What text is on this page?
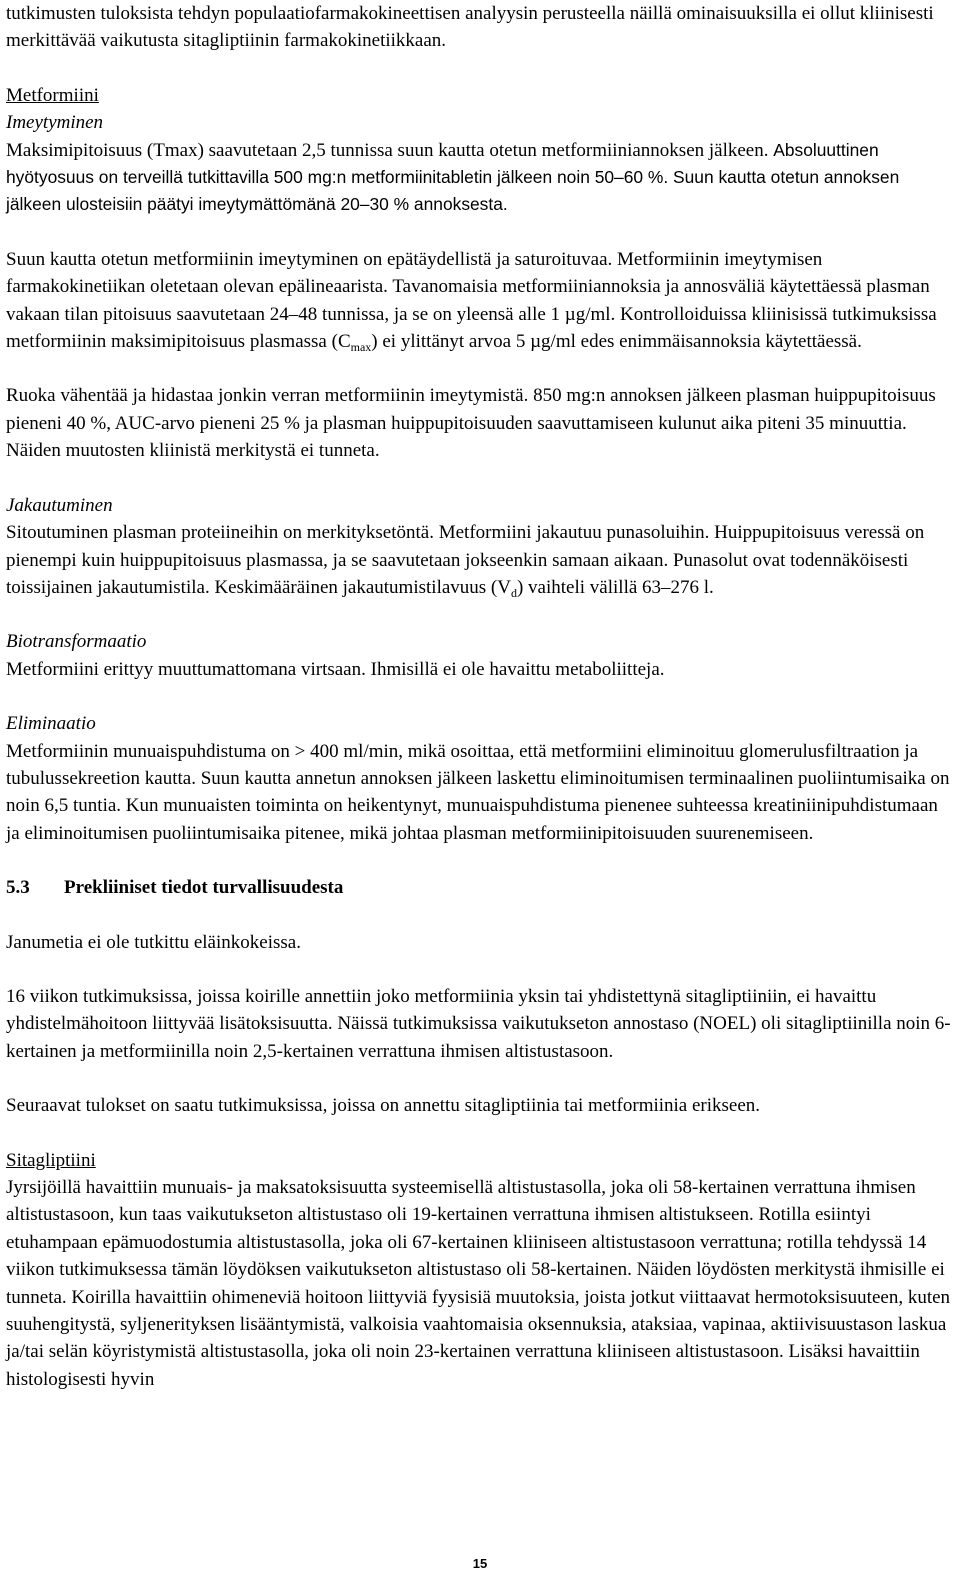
tutkimusten tuloksista tehdyn populaatiofarmakokineettisen analyysin perusteella näillä ominaisuuksilla ei ollut kliinisesti merkittävää vaikutusta sitagliptiinin farmakokinetiikkaan.

Metformiini
Imeytyminen
Maksimipitoisuus (Tmax) saavutetaan 2,5 tunnissa suun kautta otetun metformiiniannoksen jälkeen. Absoluuttinen hyötyosuus on terveillä tutkittavilla 500 mg:n metformiinitabletin jälkeen noin 50–60 %. Suun kautta otetun annoksen jälkeen ulosteisiin päätyi imeytymättömänä 20–30 % annoksesta.

Suun kautta otetun metformiinin imeytyminen on epätäydellistä ja saturoituvaa. Metformiinin imeytymisen farmakokinetiikan oletetaan olevan epälineaarista. Tavanomaisia metformiiniannoksia ja annosväliä käytettäessä plasman vakaan tilan pitoisuus saavutetaan 24–48 tunnissa, ja se on yleensä alle 1 µg/ml. Kontrolloiduissa kliinisissä tutkimuksissa metformiinin maksimipitoisuus plasmassa $(C_{max})$ ei ylittänyt arvoa 5 µg/ml edes enimmäisannoksia käytettäessä.

Ruoka vähentää ja hidastaa jonkin verran metformiinin imeytymistä. 850 mg:n annoksen jälkeen plasman huippupitoisuus pieneni 40 %, AUC-arvo pieneni 25 % ja plasman huippupitoisuuden saavuttamiseen kulunut aika piteni 35 minuuttia. Näiden muutosten kliinistä merkitystä ei tunneta.

Jakautuminen
Sitoutuminen plasman proteiineihin on merkityksetöntä. Metformiini jakautuu punasoluihin. Huippupitoisuus veressä on pienempi kuin huippupitoisuus plasmassa, ja se saavutetaan jokseenkin samaan aikaan. Punasolut ovat todennäköisesti toissijainen jakautumistila. Keskimääräinen jakautumistilavuus $(V_d)$ vaihteli välillä 63–276 l.

Biotransformaatio
Metformiini erittyy muuttumattomana virtsaan. Ihmisillä ei ole havaittu metaboliitteja.

Eliminaatio
Metformiinin munuaispuhdistuma on > 400 ml/min, mikä osoittaa, että metformiini eliminoituu glomerulusfiltraation ja tubulussekreetion kautta. Suun kautta annetun annoksen jälkeen laskettu eliminoitumisen terminaalinen puoliintumisaika on noin 6,5 tuntia. Kun munuaisten toiminta on heikentynyt, munuaispuhdistuma pienenee suhteessa kreatiniinipuhdistumaan ja eliminoitumisen puoliintumisaika pitenee, mikä johtaa plasman metformiinipitoisuuden suurenemiseen.

5.3 Prekliiniset tiedot turvallisuudesta

Janumetia ei ole tutkittu eläinkokeissa.

16 viikon tutkimuksissa, joissa koirille annettiin joko metformiinia yksin tai yhdistettynä sitagliptiiniin, ei havaittu yhdistelmähoitoon liittyvää lisätoksisuutta. Näissä tutkimuksissa vaikutukseton annostaso (NOEL) oli sitagliptiinilla noin 6-kertainen ja metformiinilla noin 2,5-kertainen verrattuna ihmisen altistustasoon.

Seuraavat tulokset on saatu tutkimuksissa, joissa on annettu sitagliptiinia tai metformiinia erikseen.

Sitagliptiini
Jyrsijöillä havaittiin munuais- ja maksatoksisuutta systeemisellä altistustasolla, joka oli 58-kertainen verrattuna ihmisen altistustasoon, kun taas vaikutukseton altistustaso oli 19-kertainen verrattuna ihmisen altistukseen. Rotilla esiintyi etuhampaan epämuodostumia altistustasolla, joka oli 67-kertainen kliiniseen altistustasoon verrattuna; rotilla tehdyssä 14 viikon tutkimuksessa tämän löydöksen vaikutukseton altistustaso oli 58-kertainen. Näiden löydösten merkitystä ihmisille ei tunneta. Koirilla havaittiin ohimeneviä hoitoon liittyviä fyysisiä muutoksia, joista jotkut viittaavat hermotoksisuuteen, kuten suuhengitystä, syljenerityksen lisääntymistä, valkoisia vaahtomaisia oksennuksia, ataksiaa, vapinaa, aktiivisuustason laskua ja/tai selän köyristymistä altistustasolla, joka oli noin 23-kertainen verrattuna kliiniseen altistustasoon. Lisäksi havaittiin histologisesti hyvin

15
